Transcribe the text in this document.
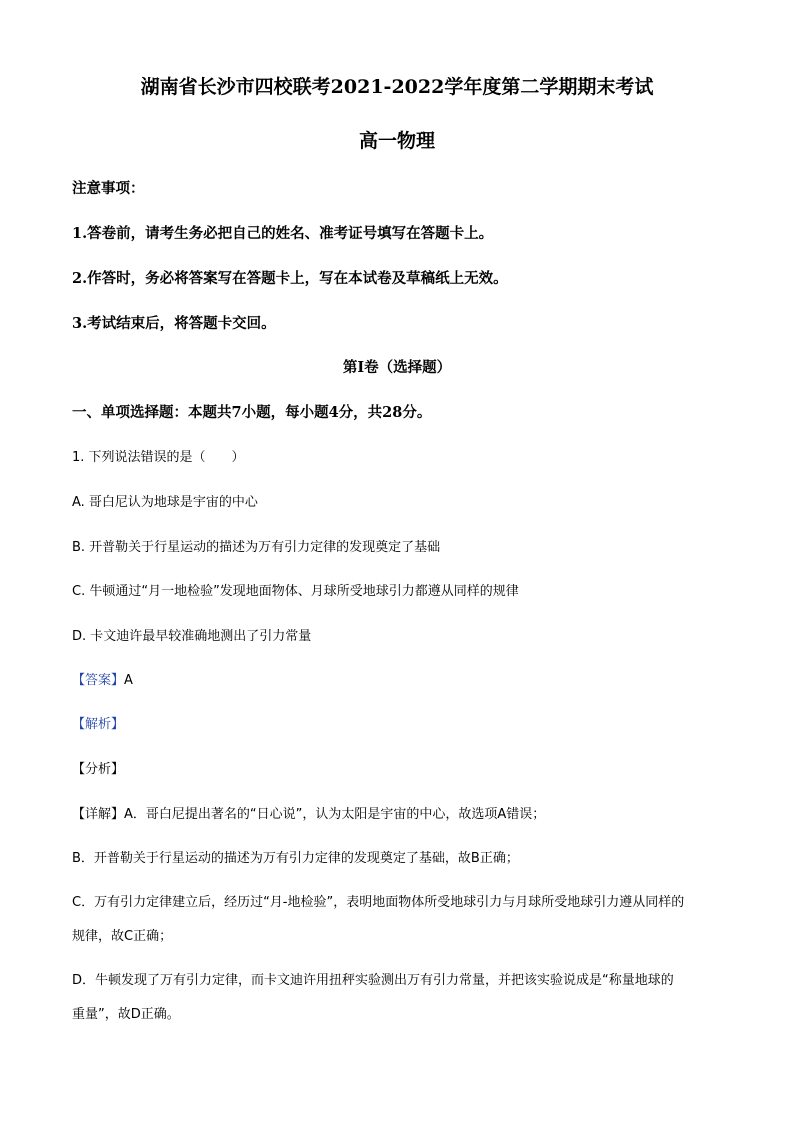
湖南省长沙市四校联考2021-2022学年度第二学期期末考试
高一物理
注意事项：
1.答卷前，请考生务必把自己的姓名、准考证号填写在答题卡上。
2.作答时，务必将答案写在答题卡上，写在本试卷及草稿纸上无效。
3.考试结束后，将答题卡交回。
第I卷（选择题）
一、单项选择题：本题共7小题，每小题4分，共28分。
1. 下列说法错误的是（　　）
A. 哥白尼认为地球是宇宙的中心
B. 开普勒关于行星运动的描述为万有引力定律的发现奠定了基础
C. 牛顿通过“月一地检验”发现地面物体、月球所受地球引力都遵从同样的规律
D. 卡文迪许最早较准确地测出了引力常量
【答案】A
【解析】
【分析】
【详解】A．哥白尼提出著名的“日心说”，认为太阳是宇宙的中心，故选项A错误；
B．开普勒关于行星运动的描述为万有引力定律的发现奠定了基础，故B正确；
C．万有引力定律建立后，经历过“月-地检验”，表明地面物体所受地球引力与月球所受地球引力遵从同样的
规律，故C正确；
D．牛顿发现了万有引力定律，而卡文迪许用扭秤实验测出万有引力常量，并把该实验说成是“称量地球的
重量”，故D正确。
